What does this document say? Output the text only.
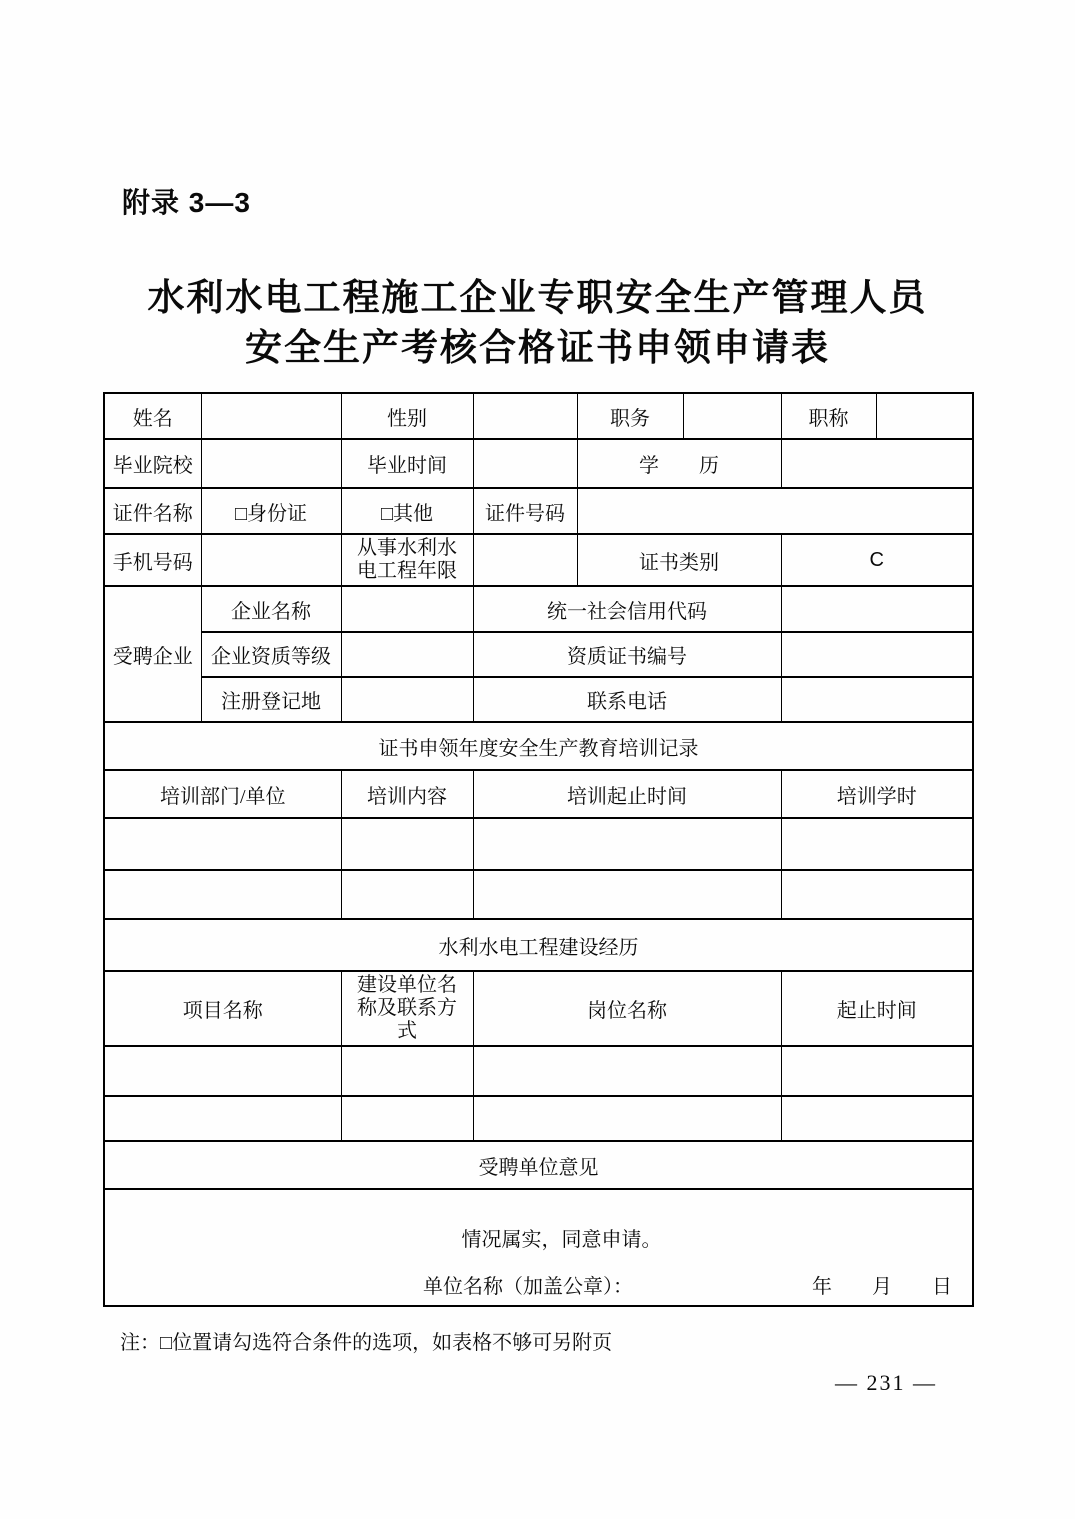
附录 3—3
水利水电工程施工企业专职安全生产管理人员
安全生产考核合格证书申领申请表
姓名		性别		职务		职称	
毕业院校		毕业时间		学　　历			
证件名称	□身份证	□其他	证件号码				
手机号码		从事水利水电工程年限		证书类别		C	
受聘企业	企业名称		统一社会信用代码				
	企业资质等级		资质证书编号				
	注册登记地		联系电话				
证书申领年度安全生产教育培训记录							
培训部门/单位		培训内容	培训起止时间			培训学时	

水利水电工程建设经历							
项目名称		建设单位名称及联系方式	岗位名称			起止时间	

受聘单位意见							

情况属实，同意申请。
单位名称（加盖公章）： 年　　月　　日							
注：□位置请勾选符合条件的选项，如表格不够可另附页
— 231 —
